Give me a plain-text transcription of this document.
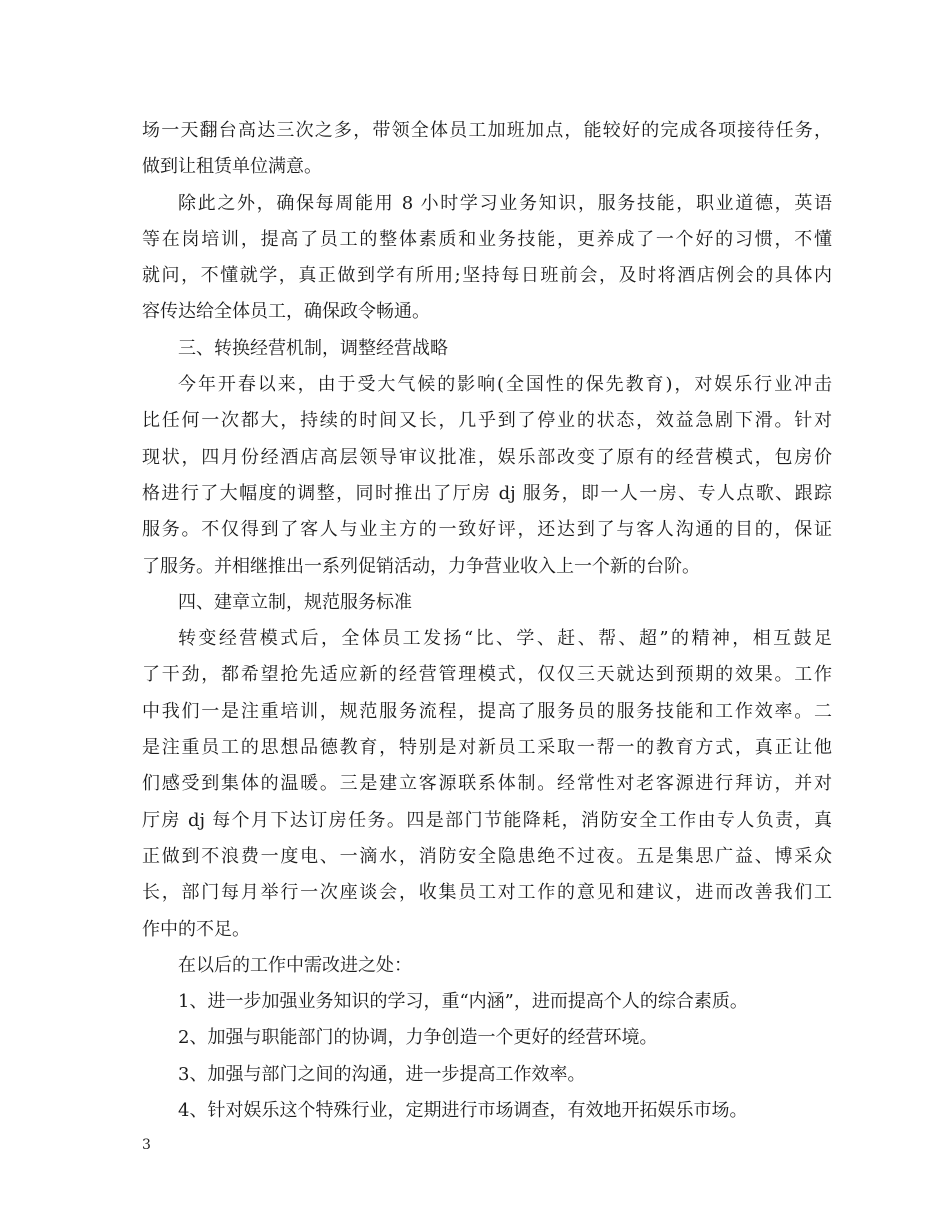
场一天翻台高达三次之多，带领全体员工加班加点，能较好的完成各项接待任务，
做到让租赁单位满意。
除此之外，确保每周能用 8 小时学习业务知识，服务技能，职业道德，英语
等在岗培训，提高了员工的整体素质和业务技能，更养成了一个好的习惯，不懂
就问，不懂就学，真正做到学有所用;坚持每日班前会，及时将酒店例会的具体内
容传达给全体员工，确保政令畅通。
三、转换经营机制，调整经营战略
今年开春以来，由于受大气候的影响(全国性的保先教育)，对娱乐行业冲击
比任何一次都大，持续的时间又长，几乎到了停业的状态，效益急剧下滑。针对
现状，四月份经酒店高层领导审议批准，娱乐部改变了原有的经营模式，包房价
格进行了大幅度的调整，同时推出了厅房 dj 服务，即一人一房、专人点歌、跟踪
服务。不仅得到了客人与业主方的一致好评，还达到了与客人沟通的目的，保证
了服务。并相继推出一系列促销活动，力争营业收入上一个新的台阶。
四、建章立制，规范服务标准
转变经营模式后，全体员工发扬“比、学、赶、帮、超”的精神，相互鼓足
了干劲，都希望抢先适应新的经营管理模式，仅仅三天就达到预期的效果。工作
中我们一是注重培训，规范服务流程，提高了服务员的服务技能和工作效率。二
是注重员工的思想品德教育，特别是对新员工采取一帮一的教育方式，真正让他
们感受到集体的温暖。三是建立客源联系体制。经常性对老客源进行拜访，并对
厅房 dj 每个月下达订房任务。四是部门节能降耗，消防安全工作由专人负责，真
正做到不浪费一度电、一滴水，消防安全隐患绝不过夜。五是集思广益、博采众
长，部门每月举行一次座谈会，收集员工对工作的意见和建议，进而改善我们工
作中的不足。
在以后的工作中需改进之处：
1、进一步加强业务知识的学习，重“内涵”，进而提高个人的综合素质。
2、加强与职能部门的协调，力争创造一个更好的经营环境。
3、加强与部门之间的沟通，进一步提高工作效率。
4、针对娱乐这个特殊行业，定期进行市场调查，有效地开拓娱乐市场。
3
